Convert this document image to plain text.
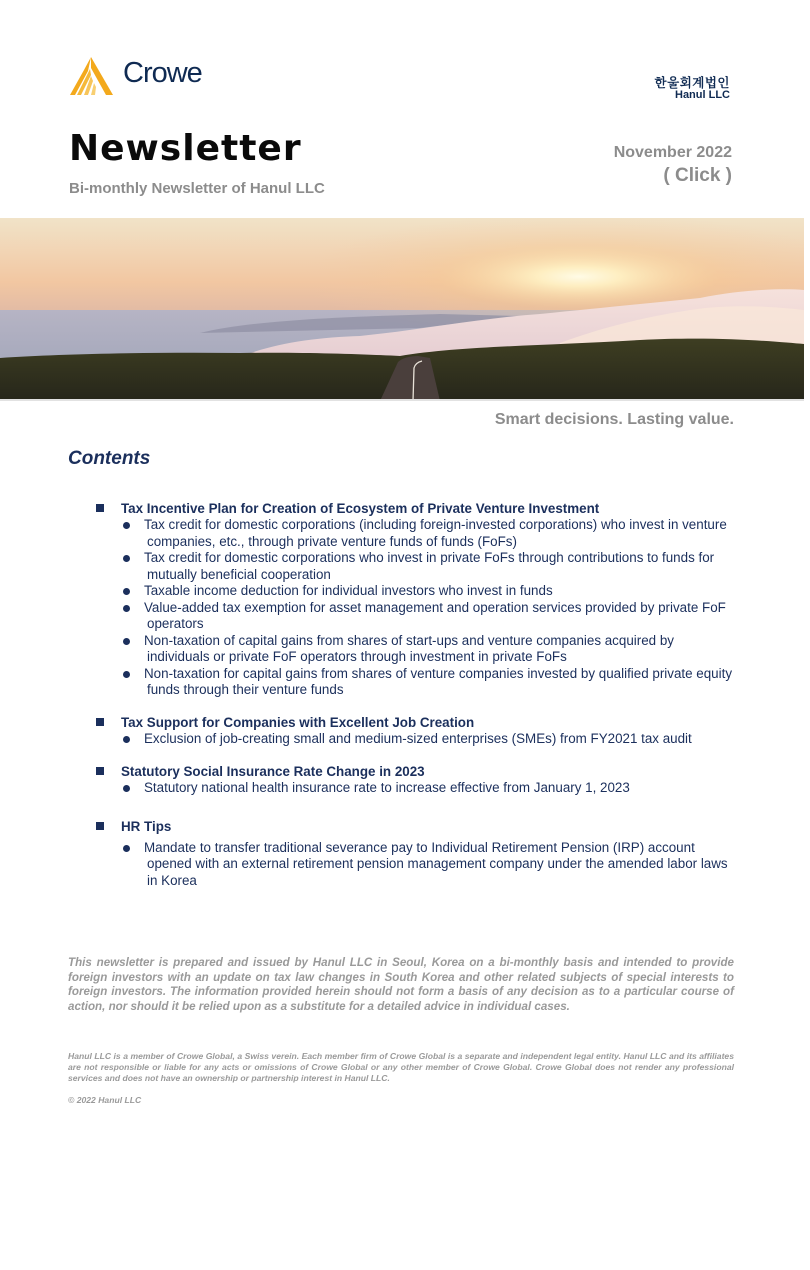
Crowe	한울회계법인
Hanul LLC
Newsletter
Bi-monthly Newsletter of Hanul LLC
November 2022
( Click )
Smart decisions. Lasting value.
Contents
Tax Incentive Plan for Creation of Ecosystem of Private Venture Investment
Tax credit for domestic corporations (including foreign-invested corporations) who invest in venture companies, etc., through private venture funds of funds (FoFs)
Tax credit for domestic corporations who invest in private FoFs through contributions to funds for mutually beneficial cooperation
Taxable income deduction for individual investors who invest in funds
Value-added tax exemption for asset management and operation services provided by private FoF operators
Non-taxation of capital gains from shares of start-ups and venture companies acquired by individuals or private FoF operators through investment in private FoFs
Non-taxation for capital gains from shares of venture companies invested by qualified private equity funds through their venture funds
Tax Support for Companies with Excellent Job Creation
Exclusion of job-creating small and medium-sized enterprises (SMEs) from FY2021 tax audit
Statutory Social Insurance Rate Change in 2023
Statutory national health insurance rate to increase effective from January 1, 2023
HR Tips
Mandate to transfer traditional severance pay to Individual Retirement Pension (IRP) account opened with an external retirement pension management company under the amended labor laws in Korea
This newsletter is prepared and issued by Hanul LLC in Seoul, Korea on a bi-monthly basis and intended to provide foreign investors with an update on tax law changes in South Korea and other related subjects of special interests to foreign investors. The information provided herein should not form a basis of any decision as to a particular course of action, nor should it be relied upon as a substitute for a detailed advice in individual cases.
Hanul LLC is a member of Crowe Global, a Swiss verein. Each member firm of Crowe Global is a separate and independent legal entity. Hanul LLC and its affiliates are not responsible or liable for any acts or omissions of Crowe Global or any other member of Crowe Global. Crowe Global does not render any professional services and does not have an ownership or partnership interest in Hanul LLC.
© 2022 Hanul LLC
